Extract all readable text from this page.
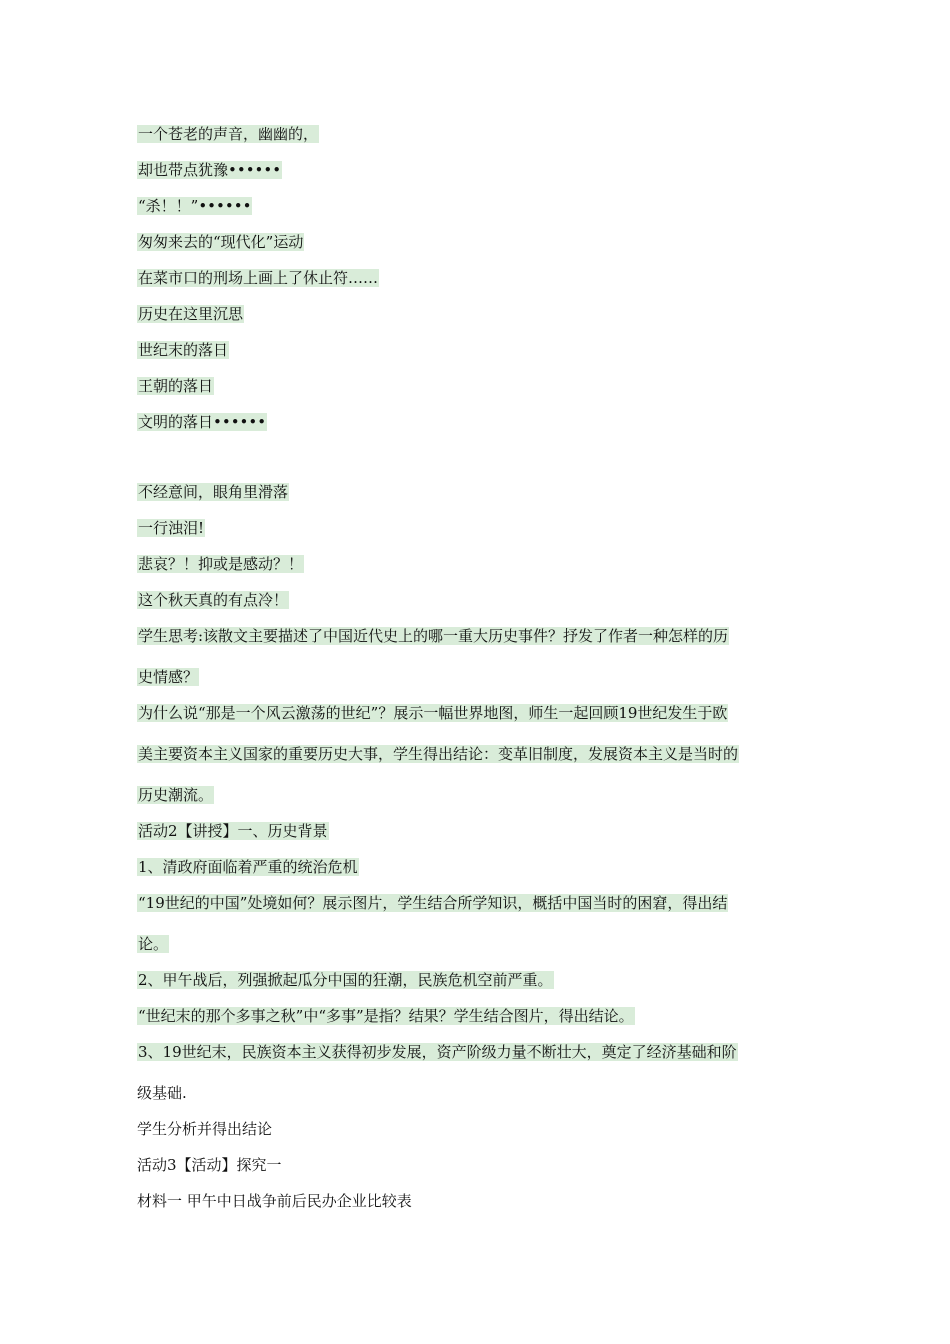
一个苍老的声音，幽幽的，
却也带点犹豫••••••
“杀！！”••••••
匆匆来去的“现代化”运动
在菜市口的刑场上画上了休止符……
历史在这里沉思
世纪末的落日
王朝的落日
文明的落日••••••
不经意间，眼角里滑落
一行浊泪!
悲哀？！抑或是感动？！
这个秋天真的有点冷！
学生思考:该散文主要描述了中国近代史上的哪一重大历史事件？抒发了作者一种怎样的历
史情感？
为什么说“那是一个风云激荡的世纪”？展示一幅世界地图，师生一起回顾19世纪发生于欧
美主要资本主义国家的重要历史大事，学生得出结论：变革旧制度，发展资本主义是当时的
历史潮流。
活动2【讲授】一、历史背景
1、清政府面临着严重的统治危机
“19世纪的中国”处境如何？展示图片，学生结合所学知识，概括中国当时的困窘，得出结
论。
2、甲午战后，列强掀起瓜分中国的狂潮，民族危机空前严重。
“世纪末的那个多事之秋”中“多事”是指？结果？学生结合图片，得出结论。
3、19世纪末，民族资本主义获得初步发展，资产阶级力量不断壮大，奠定了经济基础和阶
级基础.
学生分析并得出结论
活动3【活动】探究一
材料一 甲午中日战争前后民办企业比较表
